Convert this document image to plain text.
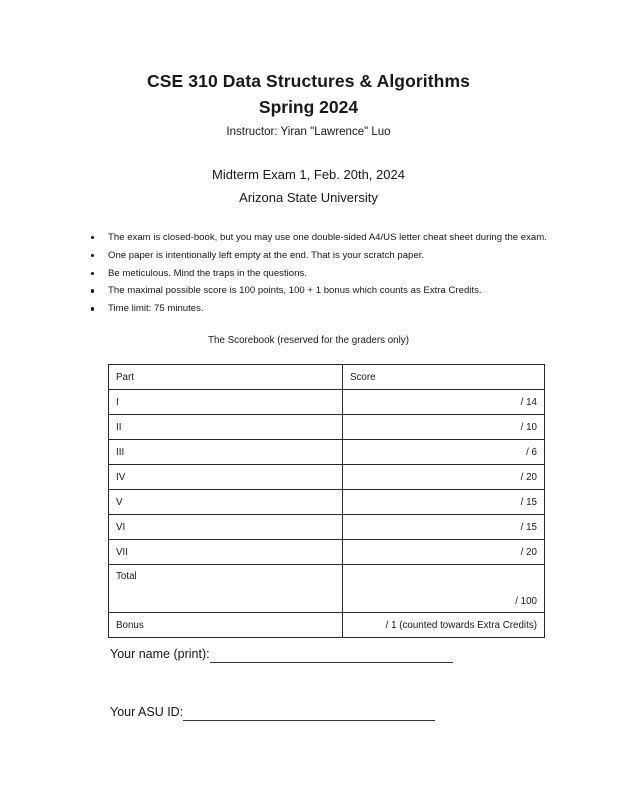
CSE 310 Data Structures & Algorithms
Spring 2024
Instructor: Yiran "Lawrence" Luo
Midterm Exam 1, Feb. 20th, 2024
Arizona State University
The exam is closed-book, but you may use one double-sided A4/US letter cheat sheet during the exam.
One paper is intentionally left empty at the end. That is your scratch paper.
Be meticulous. Mind the traps in the questions.
The maximal possible score is 100 points, 100 + 1 bonus which counts as Extra Credits.
Time limit: 75 minutes.
The Scorebook (reserved for the graders only)
Part	Score
I	/ 14
II	/ 10
III	/ 6
IV	/ 20
V	/ 15
VI	/ 15
VII	/ 20
Total	/ 100
Bonus	/ 1 (counted towards Extra Credits)
Your name (print):
Your ASU ID:
